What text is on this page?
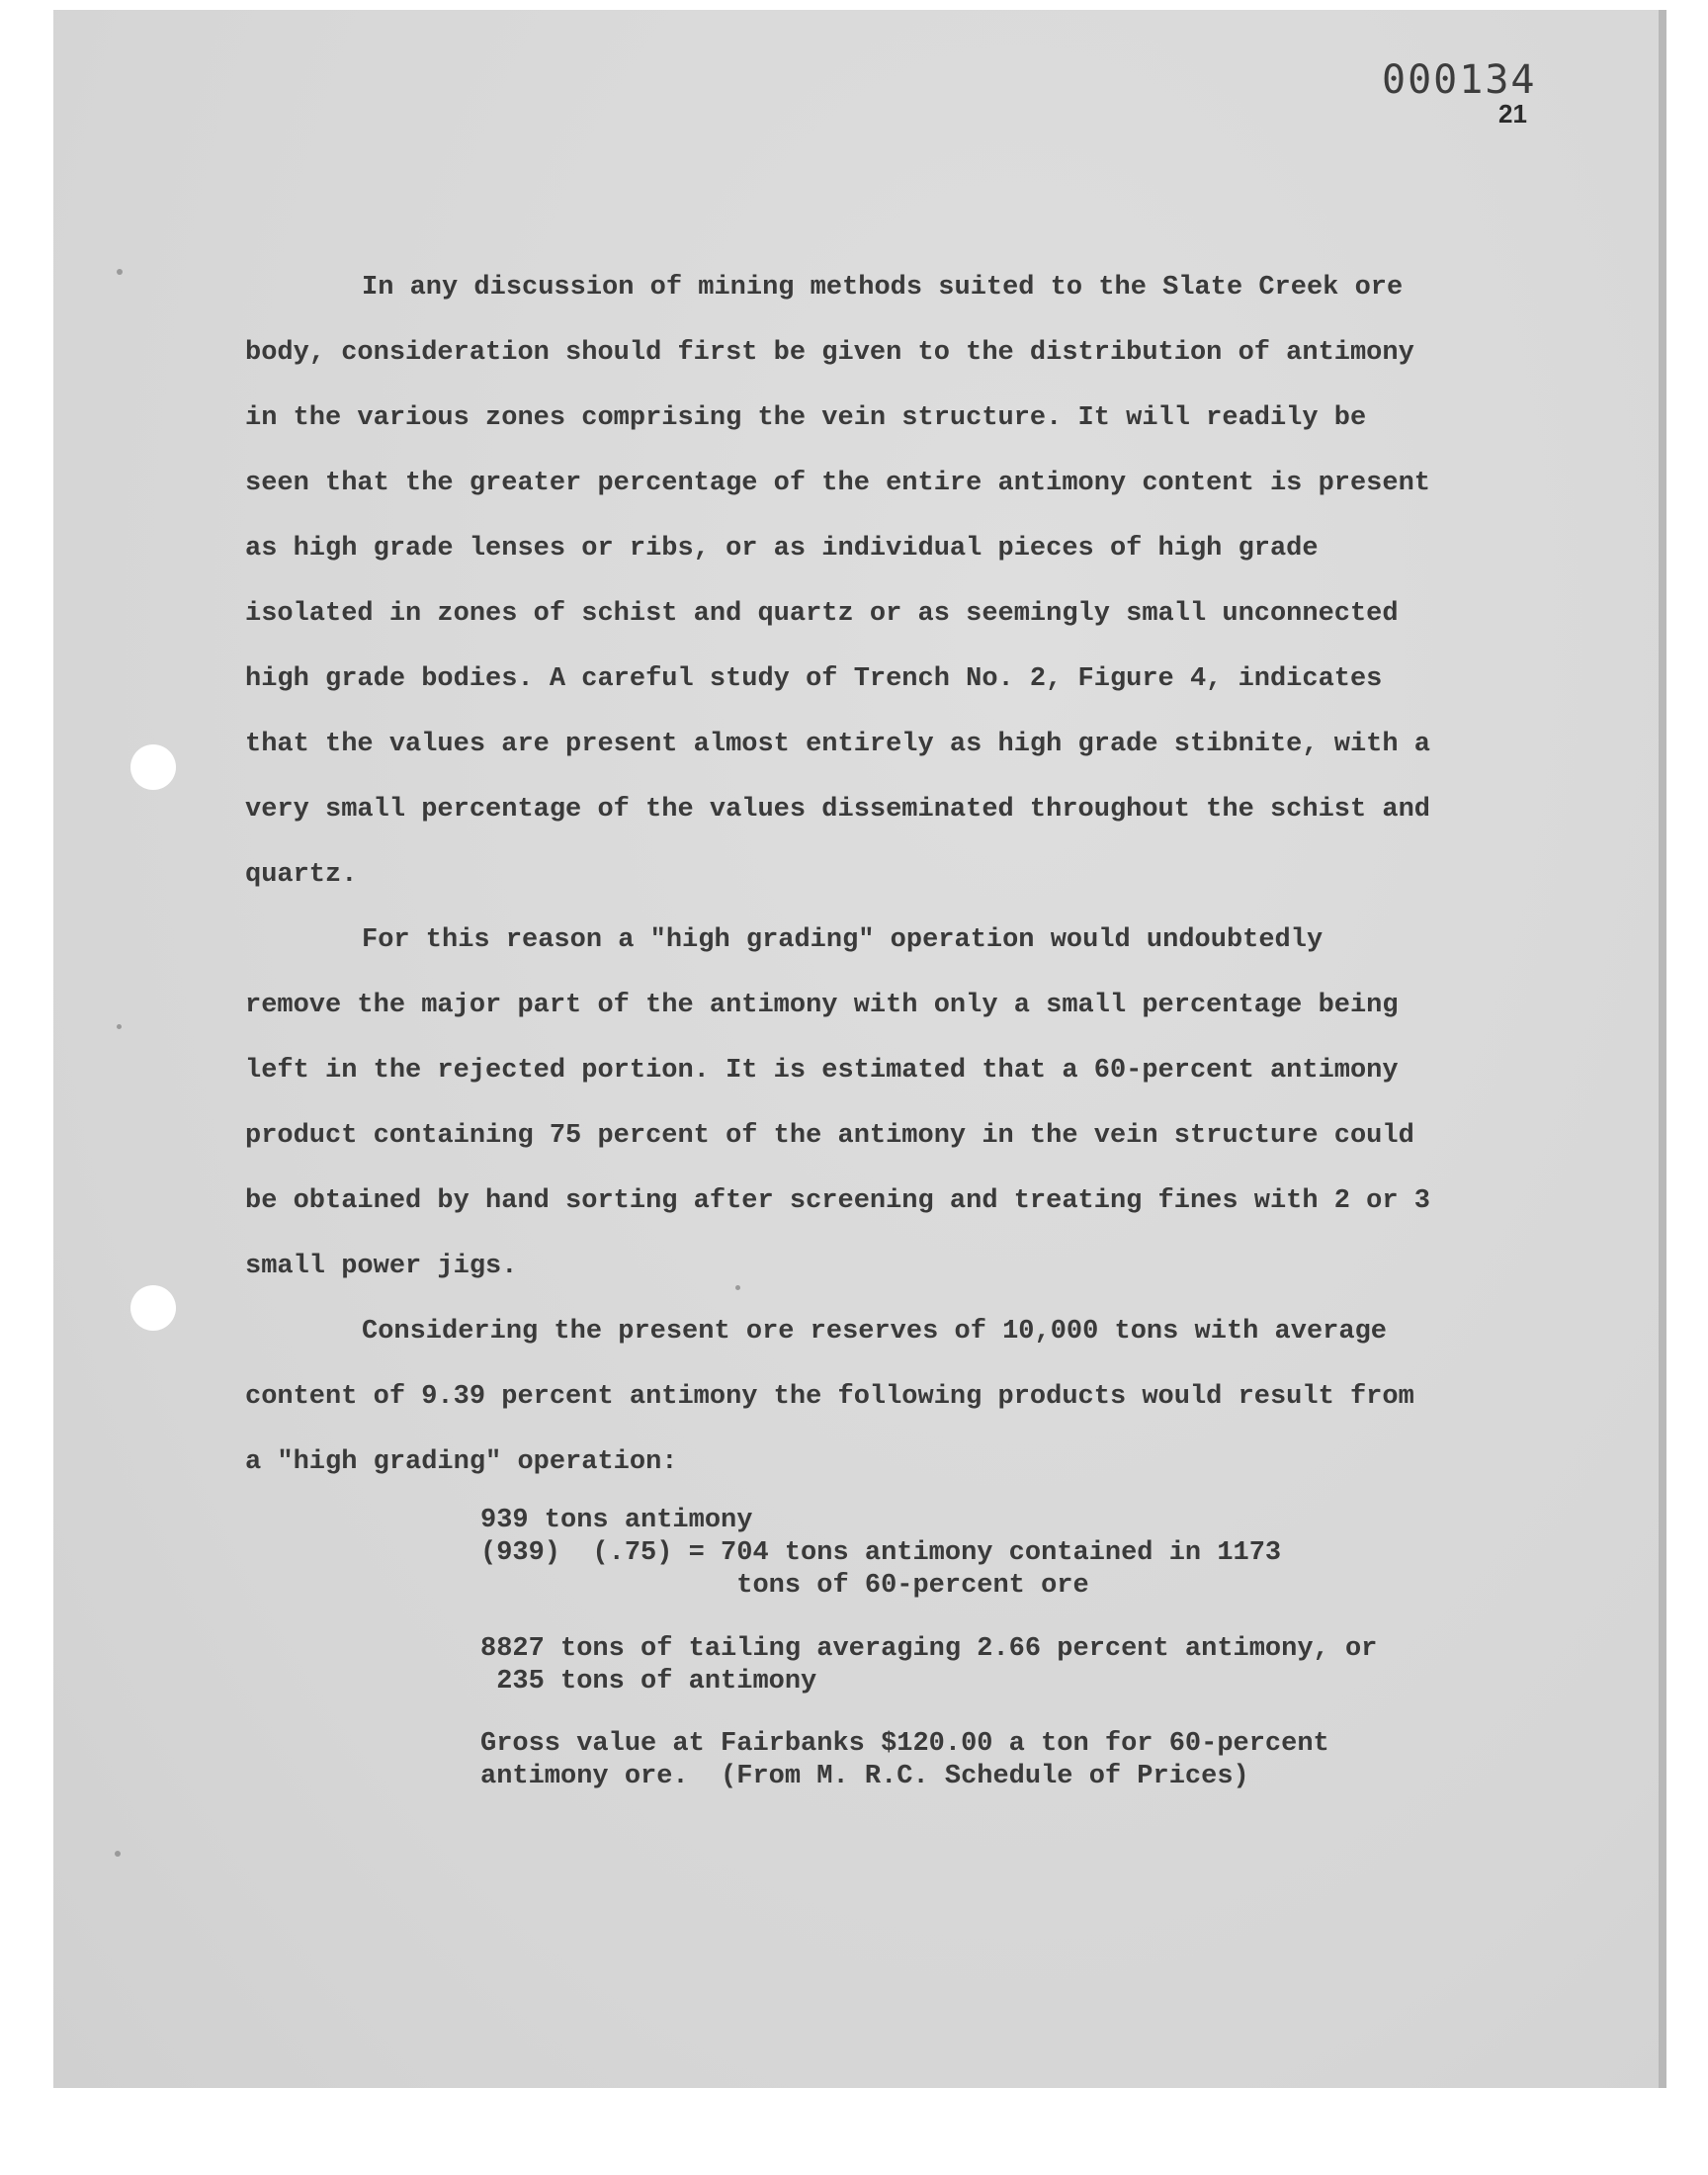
000134

21

In any discussion of mining methods suited to the Slate Creek ore body, consideration should first be given to the distribution of antimony in the various zones comprising the vein structure. It will readily be seen that the greater percentage of the entire antimony content is present as high grade lenses or ribs, or as individual pieces of high grade isolated in zones of schist and quartz or as seemingly small unconnected high grade bodies. A careful study of Trench No. 2, Figure 4, indicates that the values are present almost entirely as high grade stibnite, with a very small percentage of the values disseminated throughout the schist and quartz.

For this reason a "high grading" operation would undoubtedly remove the major part of the antimony with only a small percentage being left in the rejected portion. It is estimated that a 60-percent antimony product containing 75 percent of the antimony in the vein structure could be obtained by hand sorting after screening and treating fines with 2 or 3 small power jigs.

Considering the present ore reserves of 10,000 tons with average content of 9.39 percent antimony the following products would result from a "high grading" operation:

939 tons antimony
(939)  (.75) = 704 tons antimony contained in 1173
tons of 60-percent ore
8827 tons of tailing averaging 2.66 percent antimony, or
235 tons of antimony
Gross value at Fairbanks $120.00 a ton for 60-percent
antimony ore.  (From M. R.C. Schedule of Prices)
